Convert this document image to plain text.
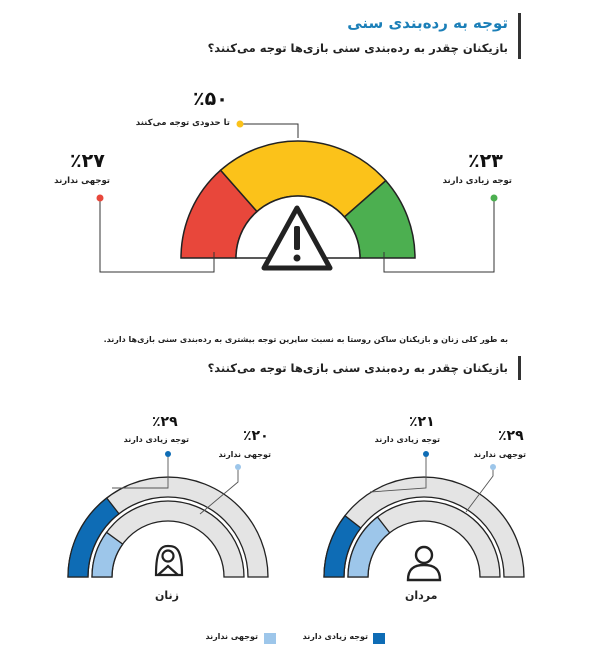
توجه به رده‌بندی سنی
بازیکنان چقدر به رده‌بندی سنی بازی‌ها توجه می‌کنند؟
٪۵۰
تا حدودی توجه می‌کنند
٪۲۷
توجهی ندارند
٪۲۳
توجه زیادی دارند
به طور کلی زنان و بازیکنان ساکن روستا به نسبت سایرین توجه بیشتری به رده‌بندی سنی بازی‌ها دارند.
بازیکنان چقدر به رده‌بندی سنی بازی‌ها توجه می‌کنند؟
٪۲۹
توجه زیادی دارند	٪۲۰
توجهی ندارند
زنان
٪۲۱
توجه زیادی دارند	٪۲۹
توجهی ندارند
مردان
توجه زیادی دارند
توجهی ندارند
